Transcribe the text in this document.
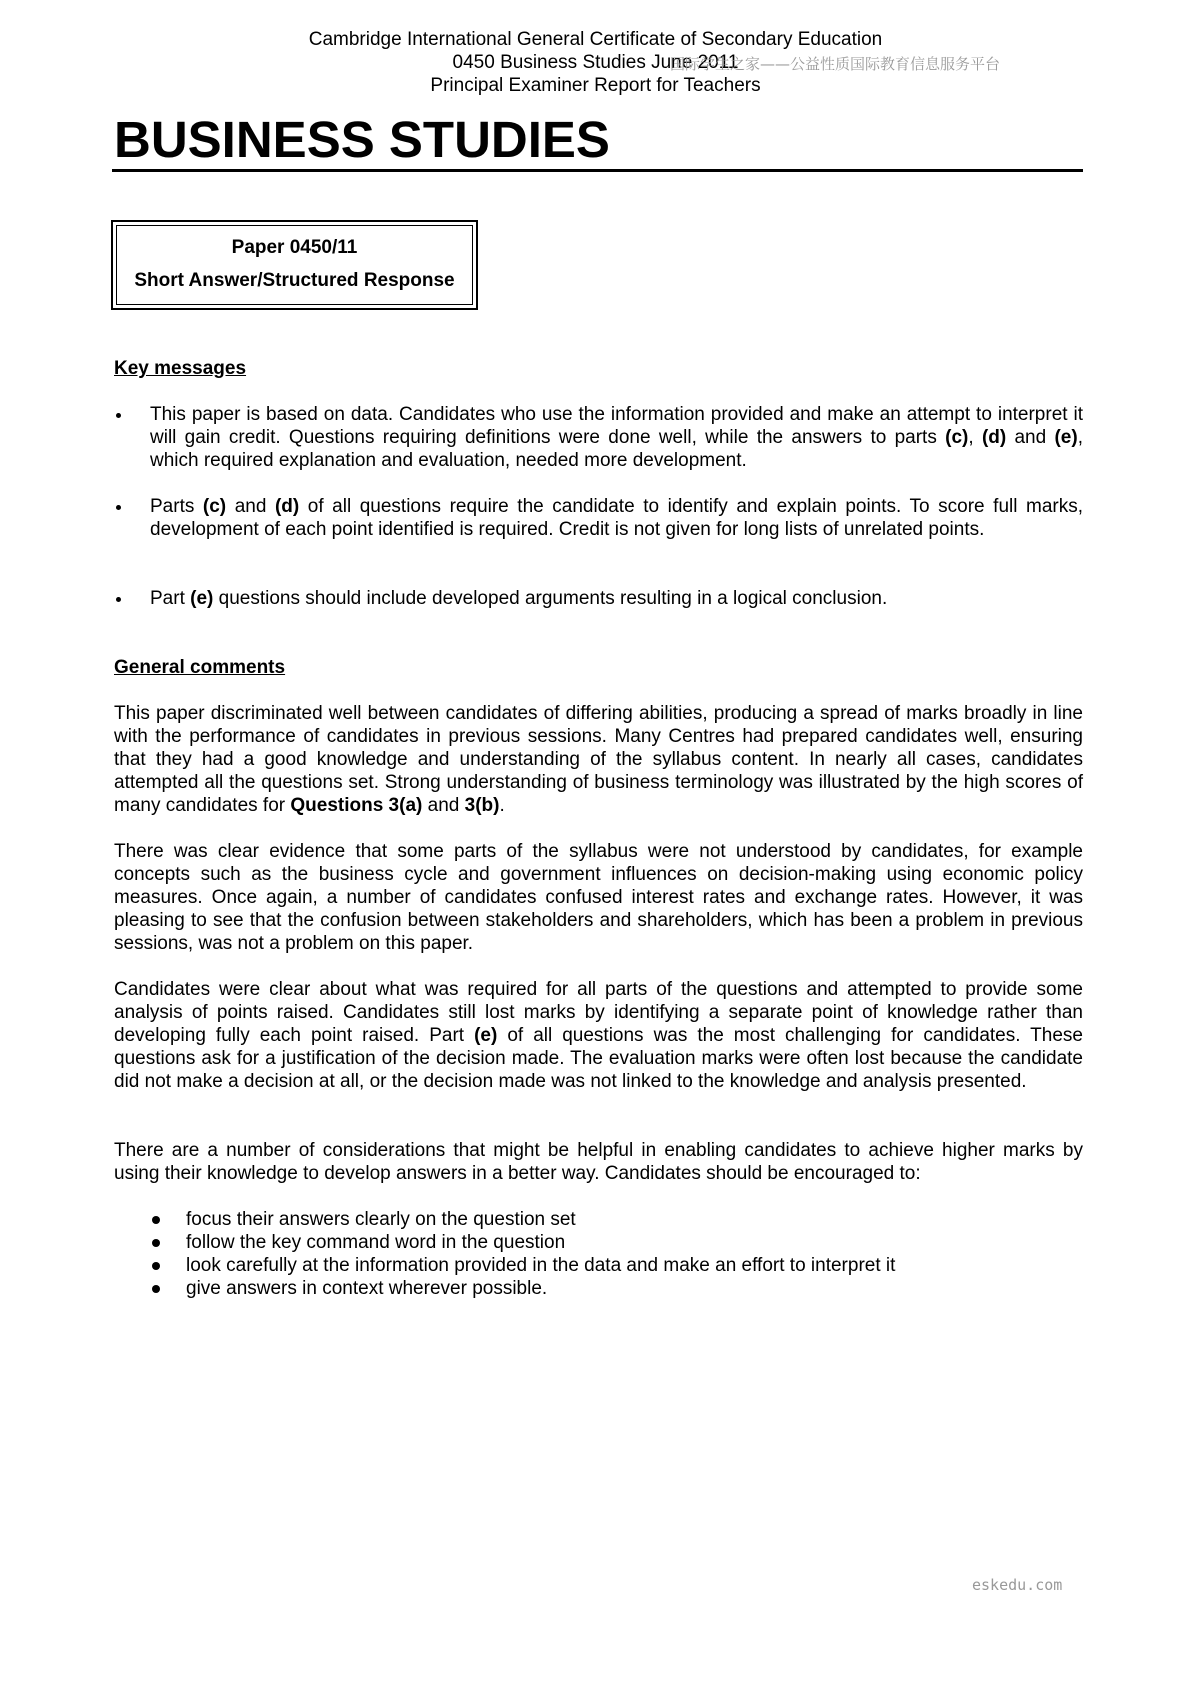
Cambridge International General Certificate of Secondary Education
0450 Business Studies June 2011
Principal Examiner Report for Teachers
国际学生之家——公益性质国际教育信息服务平台
BUSINESS STUDIES
Paper 0450/11
Short Answer/Structured Response
Key messages
This paper is based on data. Candidates who use the information provided and make an attempt to interpret it will gain credit. Questions requiring definitions were done well, while the answers to parts (c), (d) and (e), which required explanation and evaluation, needed more development.
Parts (c) and (d) of all questions require the candidate to identify and explain points. To score full marks, development of each point identified is required. Credit is not given for long lists of unrelated points.
Part (e) questions should include developed arguments resulting in a logical conclusion.
General comments
This paper discriminated well between candidates of differing abilities, producing a spread of marks broadly in line with the performance of candidates in previous sessions. Many Centres had prepared candidates well, ensuring that they had a good knowledge and understanding of the syllabus content. In nearly all cases, candidates attempted all the questions set. Strong understanding of business terminology was illustrated by the high scores of many candidates for Questions 3(a) and 3(b).
There was clear evidence that some parts of the syllabus were not understood by candidates, for example concepts such as the business cycle and government influences on decision-making using economic policy measures. Once again, a number of candidates confused interest rates and exchange rates. However, it was pleasing to see that the confusion between stakeholders and shareholders, which has been a problem in previous sessions, was not a problem on this paper.
Candidates were clear about what was required for all parts of the questions and attempted to provide some analysis of points raised. Candidates still lost marks by identifying a separate point of knowledge rather than developing fully each point raised. Part (e) of all questions was the most challenging for candidates. These questions ask for a justification of the decision made. The evaluation marks were often lost because the candidate did not make a decision at all, or the decision made was not linked to the knowledge and analysis presented.
There are a number of considerations that might be helpful in enabling candidates to achieve higher marks by using their knowledge to develop answers in a better way. Candidates should be encouraged to:
focus their answers clearly on the question set
follow the key command word in the question
look carefully at the information provided in the data and make an effort to interpret it
give answers in context wherever possible.
eskedu.com
